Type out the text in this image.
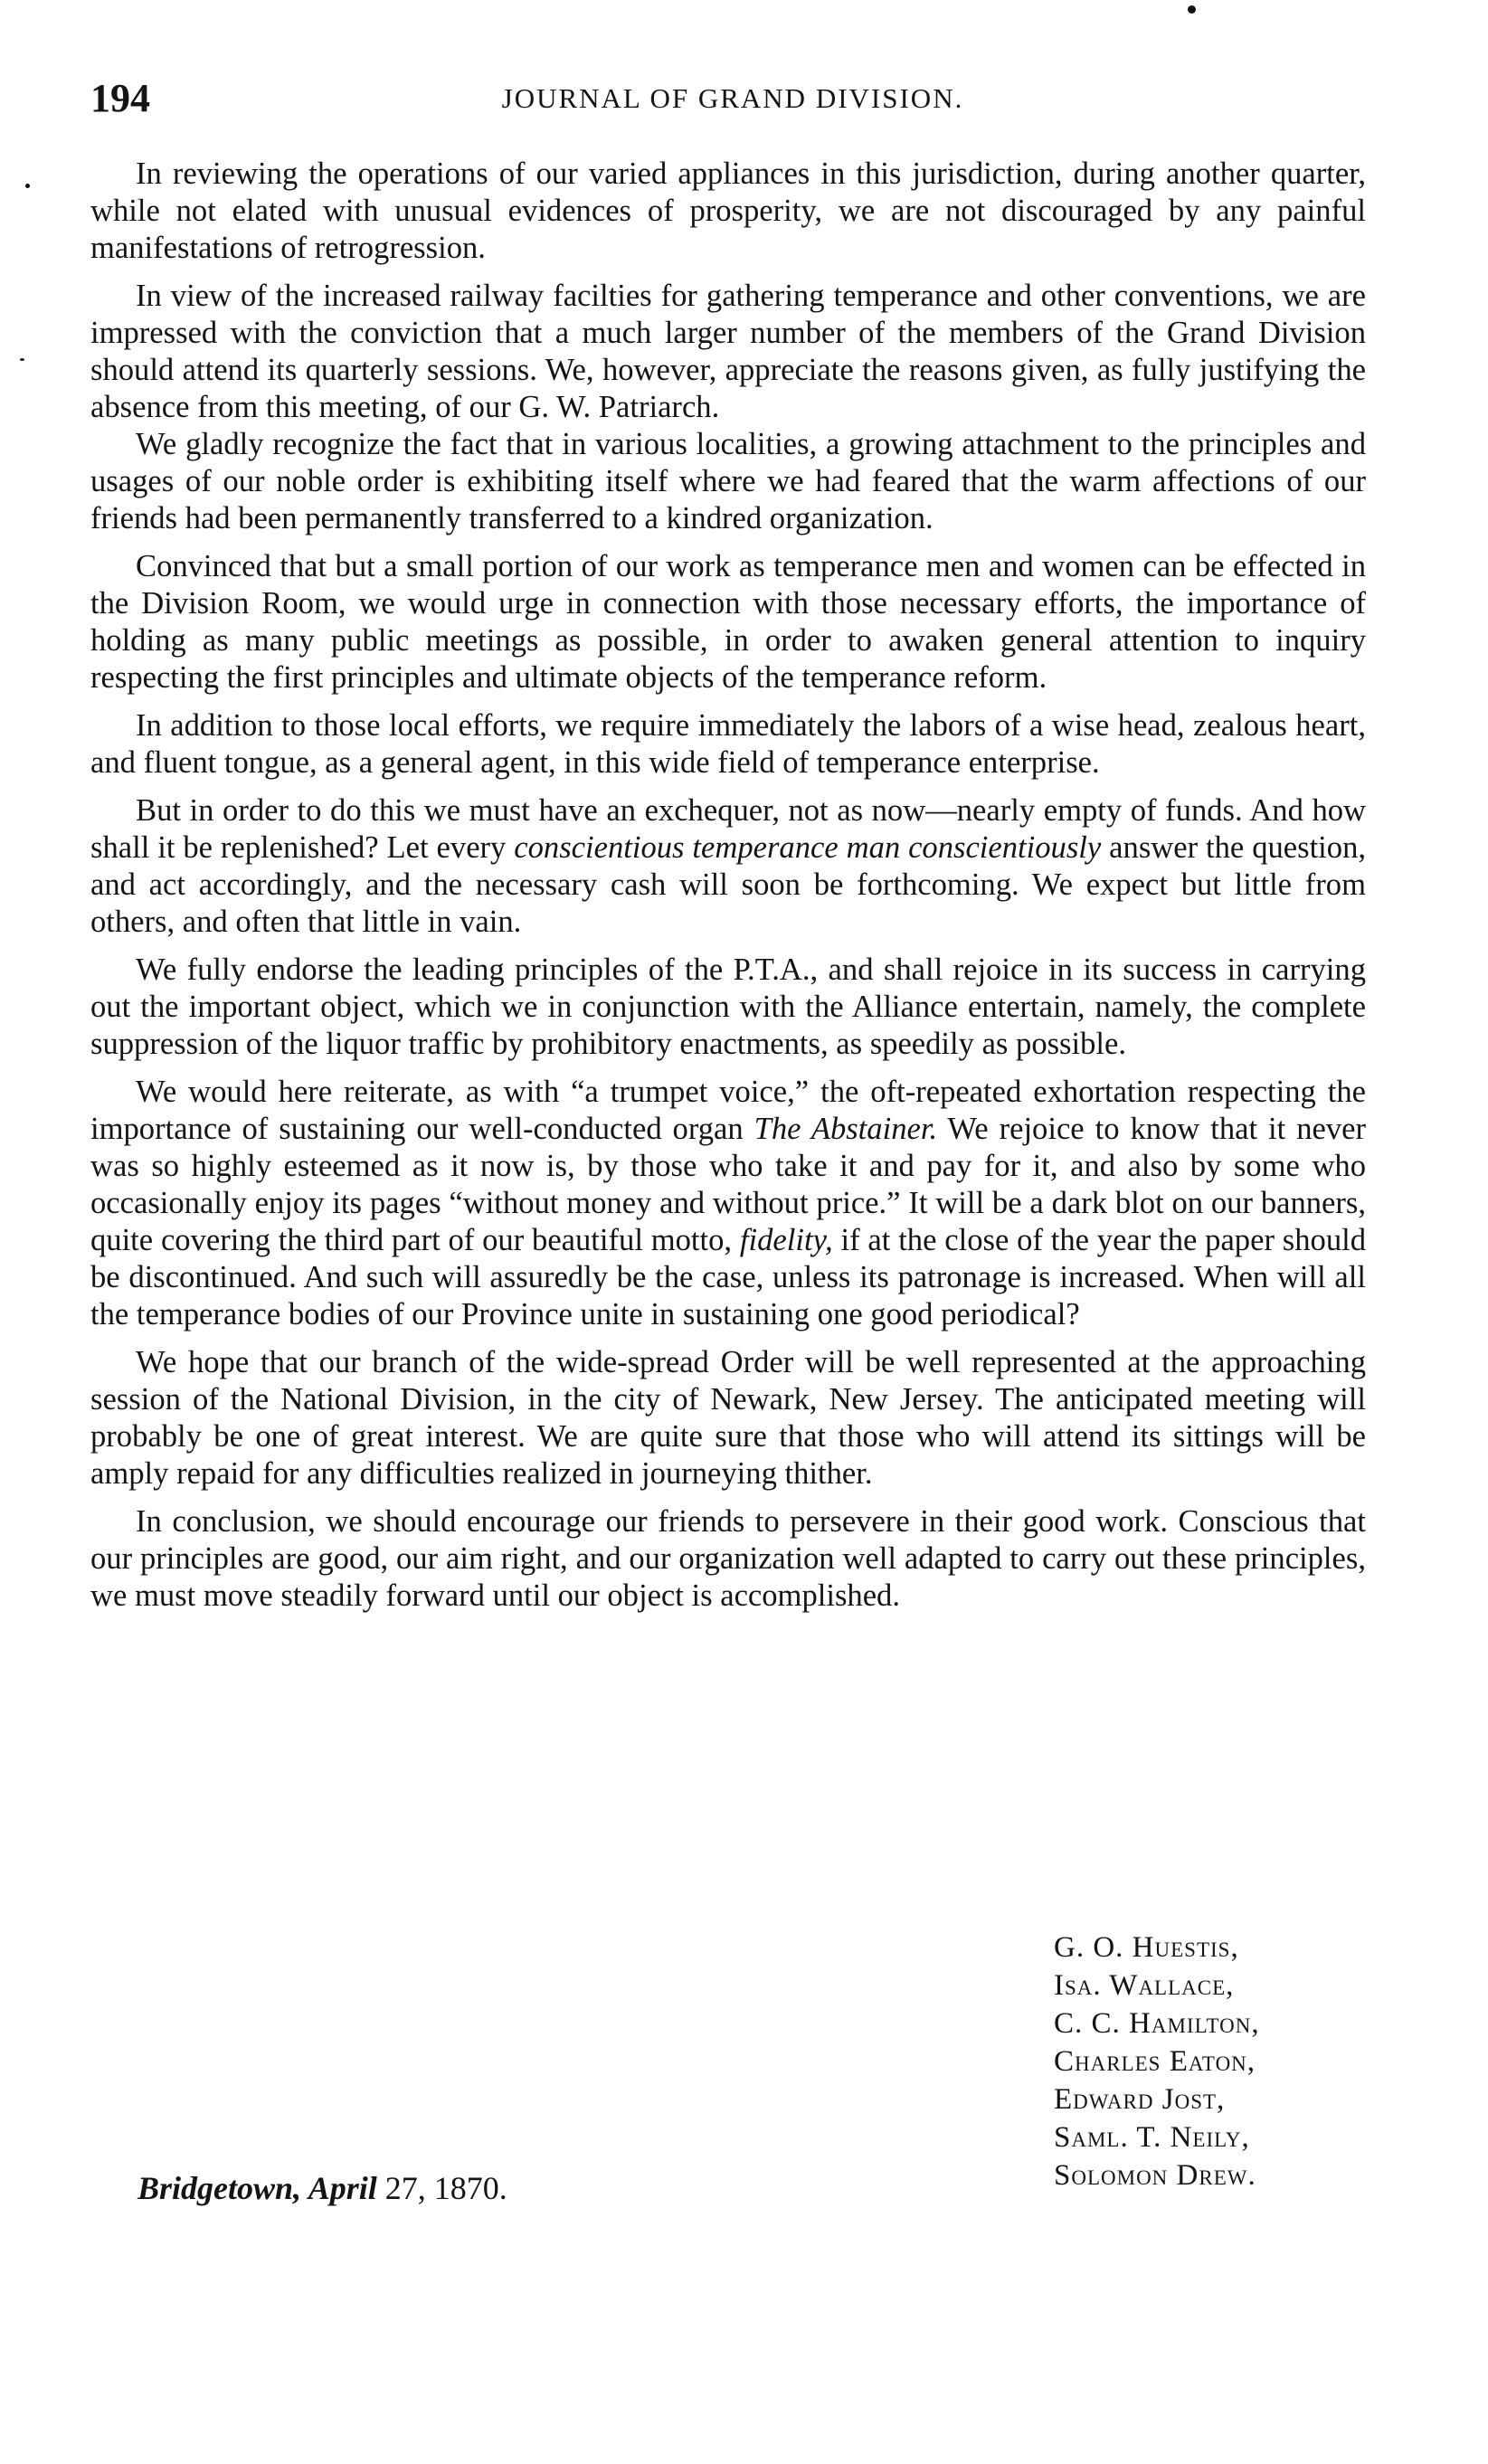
194	JOURNAL OF GRAND DIVISION.

In reviewing the operations of our varied appliances in this jurisdiction, during another quarter, while not elated with unusual evidences of prosperity, we are not discouraged by any painful manifestations of retrogression.

In view of the increased railway facilties for gathering temperance and other conventions, we are impressed with the conviction that a much larger number of the members of the Grand Division should attend its quarterly sessions. We, however, appreciate the reasons given, as fully justifying the absence from this meeting, of our G. W. Patriarch.

We gladly recognize the fact that in various localities, a growing attachment to the principles and usages of our noble order is exhibiting itself where we had feared that the warm affections of our friends had been permanently transferred to a kindred organization.

Convinced that but a small portion of our work as temperance men and women can be effected in the Division Room, we would urge in connection with those necessary efforts, the importance of holding as many public meetings as possible, in order to awaken general attention to inquiry respecting the first principles and ultimate objects of the temperance reform.

In addition to those local efforts, we require immediately the labors of a wise head, zealous heart, and fluent tongue, as a general agent, in this wide field of temperance enterprise.

But in order to do this we must have an exchequer, not as now—nearly empty of funds. And how shall it be replenished? Let every conscientious temperance man conscientiously answer the question, and act accordingly, and the necessary cash will soon be forthcoming. We expect but little from others, and often that little in vain.

We fully endorse the leading principles of the P.T.A., and shall rejoice in its success in carrying out the important object, which we in conjunction with the Alliance entertain, namely, the complete suppression of the liquor traffic by prohibitory enactments, as speedily as possible.

We would here reiterate, as with “a trumpet voice,” the oft-repeated exhortation respecting the importance of sustaining our well-conducted organ The Abstainer. We rejoice to know that it never was so highly esteemed as it now is, by those who take it and pay for it, and also by some who occasionally enjoy its pages “without money and without price.” It will be a dark blot on our banners, quite covering the third part of our beautiful motto, fidelity, if at the close of the year the paper should be discontinued. And such will assuredly be the case, unless its patronage is increased. When will all the temperance bodies of our Province unite in sustaining one good periodical?

We hope that our branch of the wide-spread Order will be well represented at the approaching session of the National Division, in the city of Newark, New Jersey. The anticipated meeting will probably be one of great interest. We are quite sure that those who will attend its sittings will be amply repaid for any difficulties realized in journeying thither.

In conclusion, we should encourage our friends to persevere in their good work. Conscious that our principles are good, our aim right, and our organization well adapted to carry out these principles, we must move steadily forward until our object is accomplished.

G. O. Huestis,
Isa. Wallace,
C. C. Hamilton,
Charles Eaton,
Edward Jost,
Saml. T. Neily,
Solomon Drew.
Bridgetown, April 27, 1870.
